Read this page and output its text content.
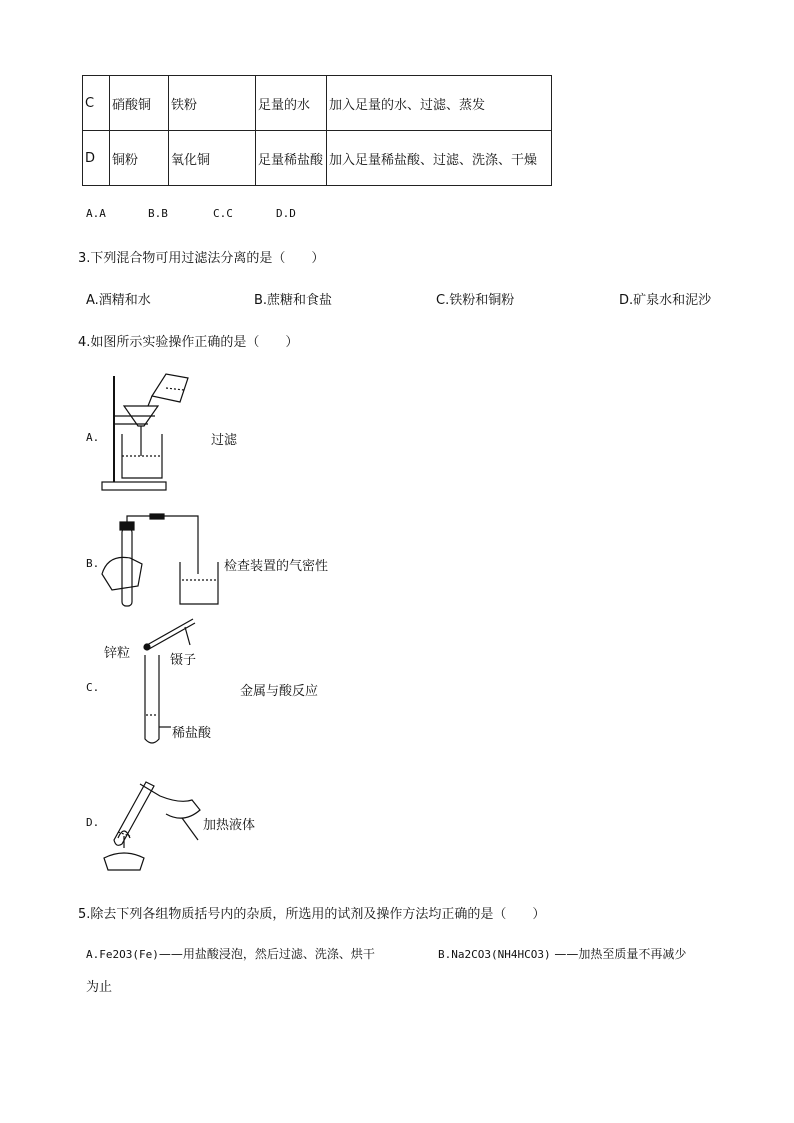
C	硝酸铜	铁粉	足量的水	加入足量的水、过滤、蒸发
D	铜粉	氧化铜	足量稀盐酸	加入足量稀盐酸、过滤、洗涤、干燥
A.A	B.B	C.C	D.D
3.下列混合物可用过滤法分离的是（　　）
A.酒精和水	B.蔗糖和食盐	C.铁粉和铜粉	D.矿泉水和泥沙
4.如图所示实验操作正确的是（　　）
A.	过滤
B.	检查装置的气密性
C.
锌粒	镊子
稀盐酸
金属与酸反应
D.	加热液体
5.除去下列各组物质括号内的杂质，所选用的试剂及操作方法均正确的是（　　）
A.Fe2O3(Fe)——用盐酸浸泡，然后过滤、洗涤、烘干	B.Na2CO3(NH4HCO3) ——加热至质量不再减少
为止
